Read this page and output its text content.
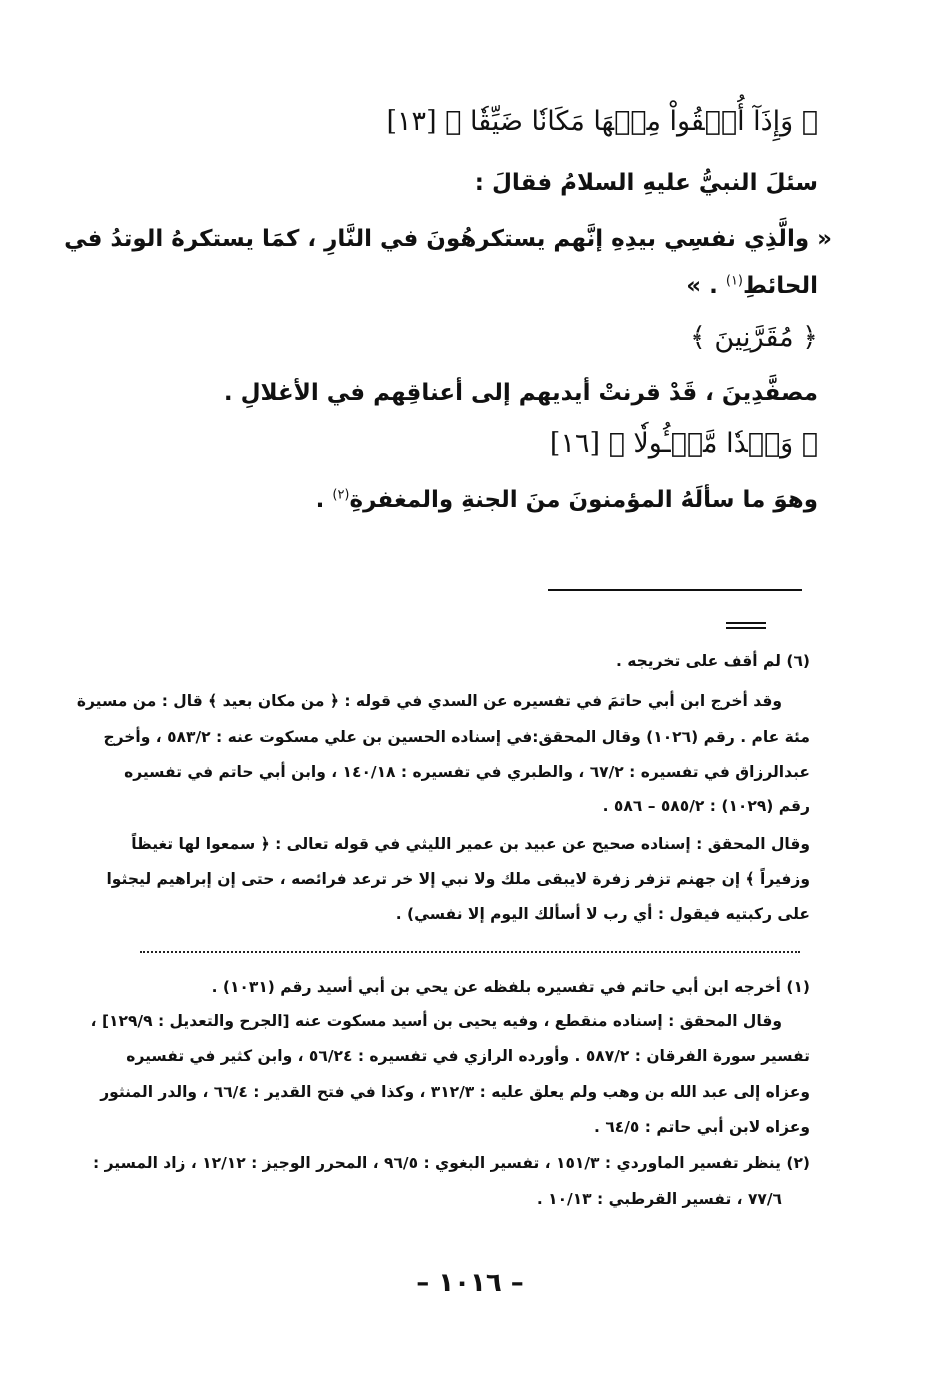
﴿ وَإِذَآ أُلۡقُواْ مِنۡهَا مَكَانٗا ضَيِّقٗا ﴾ [١٣]
سئلَ النبيُّ عليهِ السلامُ فقالَ :
« والَّذِي نفسِي بيدِهِ إنَّهم يستكرهُونَ في النَّارِ ، كمَا يستكرهُ الوتدُ في
الحائطِ$^{(١)}$ . »
﴿ مُقَرَّنِينَ ﴾
مصفَّدِينَ ، قَدْ قرنتْ أيديهم إلى أعناقِهم في الأغلالِ .
﴿ وَعۡدٗا مَّسۡـُٔولٗا ﴾ [١٦]
وهوَ ما سألَهُ المؤمنونَ منَ الجنةِ والمغفرةِ$^{(٢)}$ .
(٦) لم أقف على تخريجه .
وقد أخرج ابن أبي حاتمَ في تفسيره عن السدي في قوله : ﴿ من مكان بعيد ﴾ قال : من مسيرة
مئة عام . رقم (١٠٢٦) وقال المحقق:في إسناده الحسين بن علي مسكوت عنه : ٥٨٣/٢ ، وأخرج
عبدالرزاق في تفسيره : ٦٧/٢ ، والطبري في تفسيره : ١٤٠/١٨ ، وابن أبي حاتم في تفسيره
رقم (١٠٢٩) : ٥٨٥/٢ – ٥٨٦ .
وقال المحقق : إسناده صحيح عن عبيد بن عمير الليثي في قوله تعالى : ﴿ سمعوا لها تغيظاً
وزفيراً ﴾ إن جهنم تزفر زفرة لايبقى ملك ولا نبي إلا خر ترعد فرائصه ، حتى إن إبراهيم ليجثوا
على ركبتيه فيقول : أي رب لا أسألك اليوم إلا نفسي) .
(١) أخرجه ابن أبي حاتم في تفسيره بلفظه عن يحي بن أبي أسيد رقم (١٠٣١) .
وقال المحقق : إسناده منقطع ، وفيه يحيى بن أسيد مسكوت عنه [الجرح والتعديل : ١٢٩/٩] ،
تفسير سورة الفرقان : ٥٨٧/٢ . وأورده الرازي في تفسيره : ٥٦/٢٤ ، وابن كثير في تفسيره
وعزاه إلى عبد الله بن وهب ولم يعلق عليه : ٣١٢/٣ ، وكذا في فتح القدير : ٦٦/٤ ، والدر المنثور
وعزاه لابن أبي حاتم : ٦٤/٥ .
(٢) ينظر تفسير الماوردي : ١٥١/٣ ، تفسير البغوي : ٩٦/٥ ، المحرر الوجيز : ١٢/١٢ ، زاد المسير :
٧٧/٦ ، تفسير القرطبي : ١٠/١٣ .
– ١٠١٦ –
